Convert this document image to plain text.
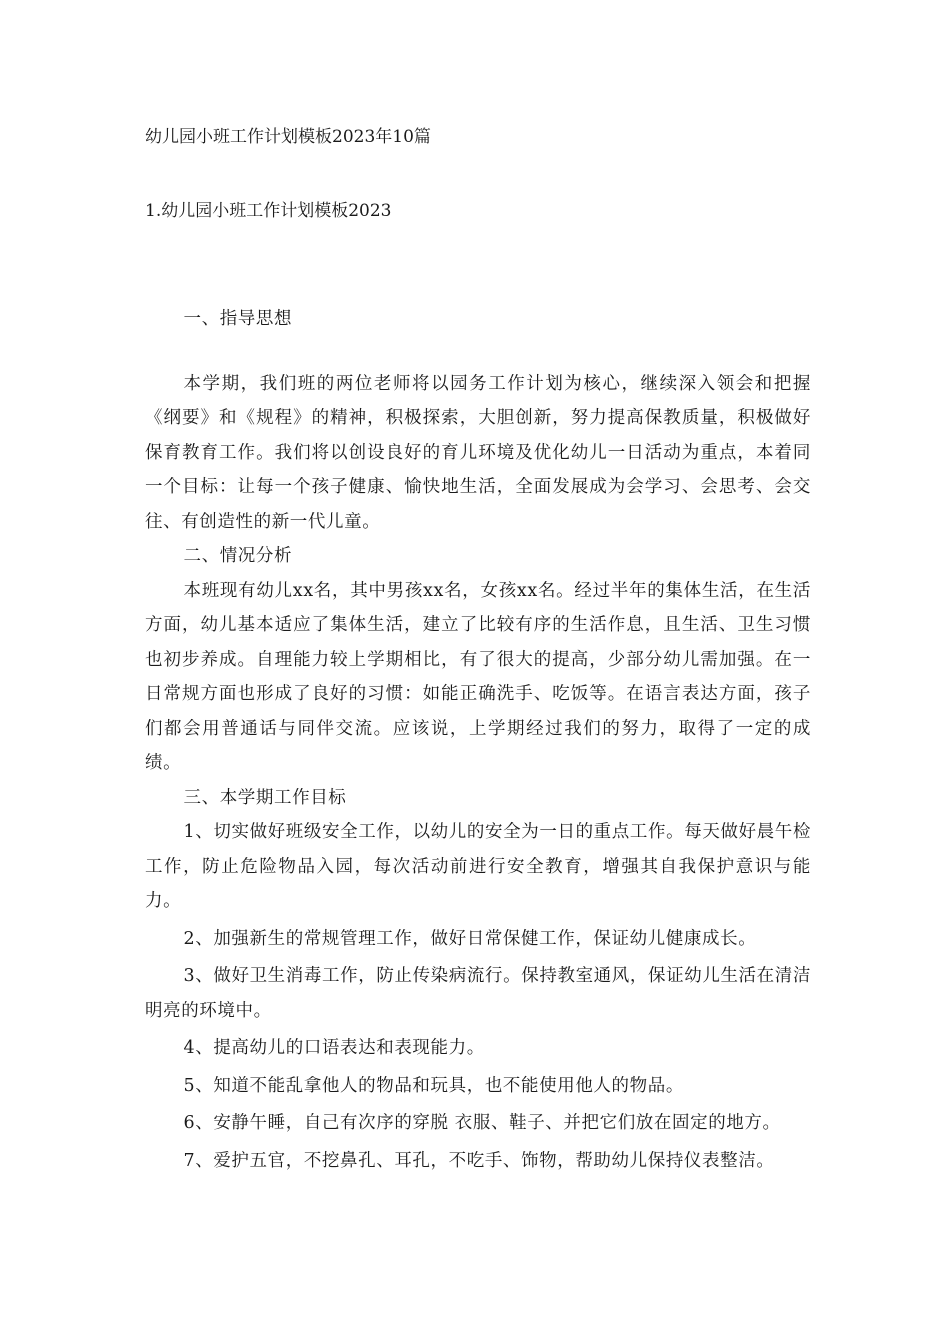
幼儿园小班工作计划模板2023年10篇
1.幼儿园小班工作计划模板2023

一、指导思想

本学期，我们班的两位老师将以园务工作计划为核心，继续深入领会和把握《纲要》和《规程》的精神，积极探索，大胆创新，努力提高保教质量，积极做好保育教育工作。我们将以创设良好的育儿环境及优化幼儿一日活动为重点，本着同一个目标：让每一个孩子健康、愉快地生活，全面发展成为会学习、会思考、会交往、有创造性的新一代儿童。

二、情况分析

本班现有幼儿xx名，其中男孩xx名，女孩xx名。经过半年的集体生活，在生活方面，幼儿基本适应了集体生活，建立了比较有序的生活作息，且生活、卫生习惯也初步养成。自理能力较上学期相比，有了很大的提高，少部分幼儿需加强。在一日常规方面也形成了良好的习惯：如能正确洗手、吃饭等。在语言表达方面，孩子们都会用普通话与同伴交流。应该说，上学期经过我们的努力，取得了一定的成绩。

三、本学期工作目标

1、切实做好班级安全工作，以幼儿的安全为一日的重点工作。每天做好晨午检工作，防止危险物品入园，每次活动前进行安全教育，增强其自我保护意识与能力。

2、加强新生的常规管理工作，做好日常保健工作，保证幼儿健康成长。

3、做好卫生消毒工作，防止传染病流行。保持教室通风，保证幼儿生活在清洁明亮的环境中。

4、提高幼儿的口语表达和表现能力。

5、知道不能乱拿他人的物品和玩具，也不能使用他人的物品。

6、安静午睡，自己有次序的穿脱 衣服、鞋子、并把它们放在固定的地方。

7、爱护五官，不挖鼻孔、耳孔，不吃手、饰物，帮助幼儿保持仪表整洁。
